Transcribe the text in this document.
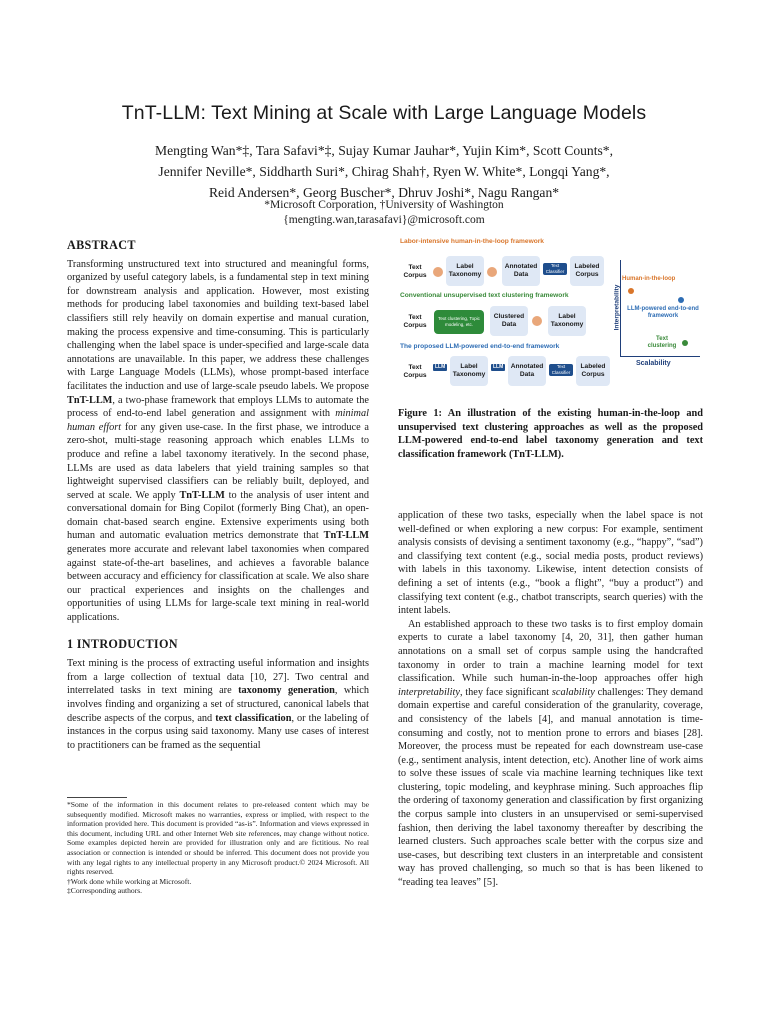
TnT-LLM: Text Mining at Scale with Large Language Models
Mengting Wan*‡, Tara Safavi*‡, Sujay Kumar Jauhar*, Yujin Kim*, Scott Counts*,
Jennifer Neville*, Siddharth Suri*, Chirag Shah†, Ryen W. White*, Longqi Yang*,
Reid Andersen*, Georg Buscher*, Dhruv Joshi*, Nagu Rangan*
*Microsoft Corporation, †University of Washington
{mengting.wan,tarasafavi}@microsoft.com
ABSTRACT

Transforming unstructured text into structured and meaningful forms, organized by useful category labels, is a fundamental step in text mining for downstream analysis and application. However, most existing methods for producing label taxonomies and building text-based label classifiers still rely heavily on domain expertise and manual curation, making the process expensive and time-consuming. This is particularly challenging when the label space is under-specified and large-scale data annotations are unavailable. In this paper, we address these challenges with Large Language Models (LLMs), whose prompt-based interface facilitates the induction and use of large-scale pseudo labels. We propose TnT-LLM, a two-phase framework that employs LLMs to automate the process of end-to-end label generation and assignment with minimal human effort for any given use-case. In the first phase, we introduce a zero-shot, multi-stage reasoning approach which enables LLMs to produce and refine a label taxonomy iteratively. In the second phase, LLMs are used as data labelers that yield training samples so that lightweight supervised classifiers can be reliably built, deployed, and served at scale. We apply TnT-LLM to the analysis of user intent and conversational domain for Bing Copilot (formerly Bing Chat), an open-domain chat-based search engine. Extensive experiments using both human and automatic evaluation metrics demonstrate that TnT-LLM generates more accurate and relevant label taxonomies when compared against state-of-the-art baselines, and achieves a favorable balance between accuracy and efficiency for classification at scale. We also share our practical experiences and insights on the challenges and opportunities of using LLMs for large-scale text mining in real-world applications.

1 INTRODUCTION

Text mining is the process of extracting useful information and insights from a large collection of textual data [10, 27]. Two central and interrelated tasks in text mining are taxonomy generation, which involves finding and organizing a set of structured, canonical labels that describe aspects of the corpus, and text classification, or the labeling of instances in the corpus using said taxonomy. Many use cases of interest to practitioners can be framed as the sequential

*Some of the information in this document relates to pre-released content which may be subsequently modified. Microsoft makes no warranties, express or implied, with respect to the information provided here. This document is provided “as-is”. Information and views expressed in this document, including URL and other Internet Web site references, may change without notice. Some examples depicted herein are provided for illustration only and are fictitious. No real association or connection is intended or should be inferred. This document does not provide you with any legal rights to any intellectual property in any Microsoft product.© 2024 Microsoft. All rights reserved.
†Work done while working at Microsoft.
‡Corresponding authors.
Labor-intensive human-in-the-loop framework
Text Corpus
Label Taxonomy
Annotated Data
Text Classifier
Labeled Corpus
Conventional unsupervised text clustering framework
Text Corpus
Text clustering, Topic modeling, etc.
Clustered Data
Label Taxonomy
The proposed LLM-powered end-to-end framework
Text Corpus
LLM	Label Taxonomy
LLM	Annotated Data
Text Classifier
Labeled Corpus
Interpretability
Scalability
Human-in-the-loop
LLM-powered end-to-end framework
Text clustering
Figure 1: An illustration of the existing human-in-the-loop and unsupervised text clustering approaches as well as the proposed LLM-powered end-to-end label taxonomy generation and text classification framework (TnT-LLM).

application of these two tasks, especially when the label space is not well-defined or when exploring a new corpus: For example, sentiment analysis consists of devising a sentiment taxonomy (e.g., “happy”, “sad”) and classifying text content (e.g., social media posts, product reviews) with labels in this taxonomy. Likewise, intent detection consists of defining a set of intents (e.g., “book a flight”, “buy a product”) and classifying text content (e.g., chatbot transcripts, search queries) with the intent labels.

An established approach to these two tasks is to first employ domain experts to curate a label taxonomy [4, 20, 31], then gather human annotations on a small set of corpus sample using the handcrafted taxonomy in order to train a machine learning model for text classification. While such human-in-the-loop approaches offer high interpretability, they face significant scalability challenges: They demand domain expertise and careful consideration of the granularity, coverage, and consistency of the labels [4], and manual annotation is time-consuming and costly, not to mention prone to errors and biases [28]. Moreover, the process must be repeated for each downstream use-case (e.g., sentiment analysis, intent detection, etc). Another line of work aims to solve these issues of scale via machine learning techniques like text clustering, topic modeling, and keyphrase mining. Such approaches flip the ordering of taxonomy generation and classification by first organizing the corpus sample into clusters in an unsupervised or semi-supervised fashion, then deriving the label taxonomy thereafter by describing the learned clusters. Such approaches scale better with the corpus size and use-cases, but describing text clusters in an interpretable and consistent way has proved challenging, so much so that is has been likened to “reading tea leaves” [5].
